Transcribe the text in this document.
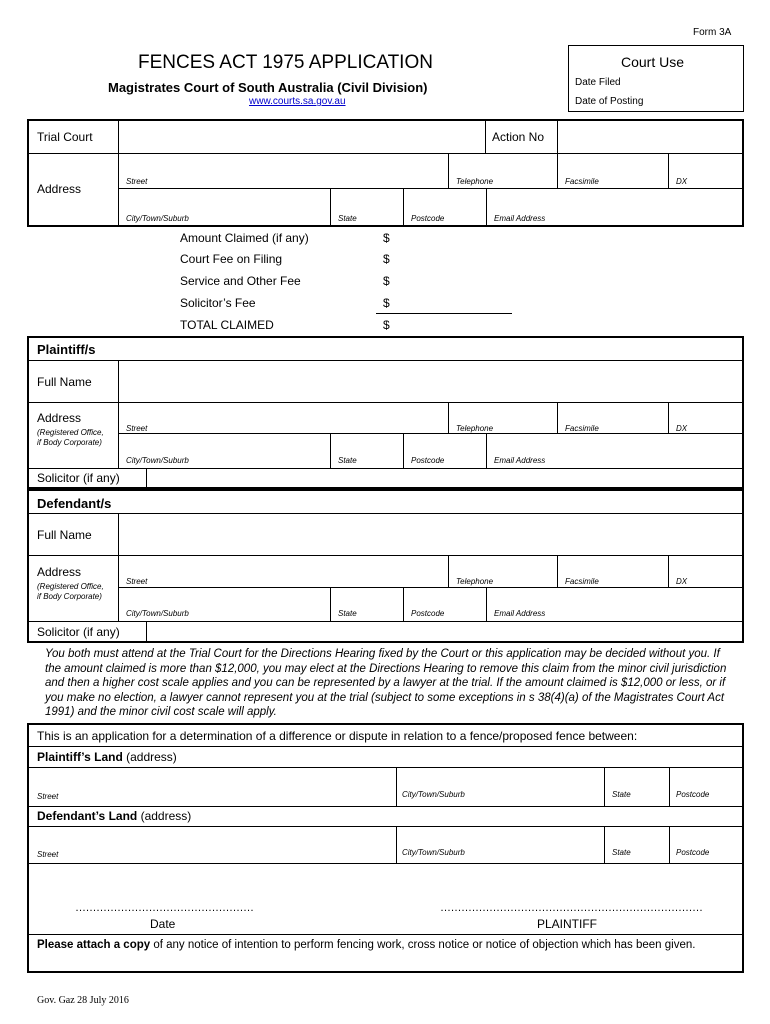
Form 3A
FENCES ACT 1975 APPLICATION
Magistrates Court of South Australia (Civil Division)
www.courts.sa.gov.au
Court Use
Date Filed
Date of Posting
Trial Court	Action No
Address
Street	Telephone	Facsimile	DX
City/Town/Suburb	State	Postcode	Email Address
Amount Claimed (if any)	$
Court Fee on Filing	$
Service and Other Fee	$
Solicitor’s Fee	$
TOTAL CLAIMED	$
Plaintiff/s
Full Name
Address
(Registered Office, if Body Corporate)
Street	Telephone	Facsimile	DX
City/Town/Suburb	State	Postcode	Email Address
Solicitor (if any)
Defendant/s
Full Name
Address
(Registered Office, if Body Corporate)
Street	Telephone	Facsimile	DX
City/Town/Suburb	State	Postcode	Email Address
Solicitor (if any)
You both must attend at the Trial Court for the Directions Hearing fixed by the Court or this application may be decided without you. If the amount claimed is more than $12,000, you may elect at the Directions Hearing to remove this claim from the minor civil jurisdiction and then a higher cost scale applies and you can be represented by a lawyer at the trial. If the amount claimed is $12,000 or less, or if you make no election, a lawyer cannot represent you at the trial (subject to some exceptions in s 38(4)(a) of the Magistrates Court Act 1991) and the minor civil cost scale will apply.
This is an application for a determination of a difference or dispute in relation to a fence/proposed fence between:
Plaintiff’s Land (address)
Street	City/Town/Suburb	State	Postcode
Defendant’s Land (address)
Street	City/Town/Suburb	State	Postcode
……………………………………………
Date
…………………………………………………………………
PLAINTIFF
Please attach a copy of any notice of intention to perform fencing work, cross notice or notice of objection which has been given.
Gov. Gaz 28 July 2016
